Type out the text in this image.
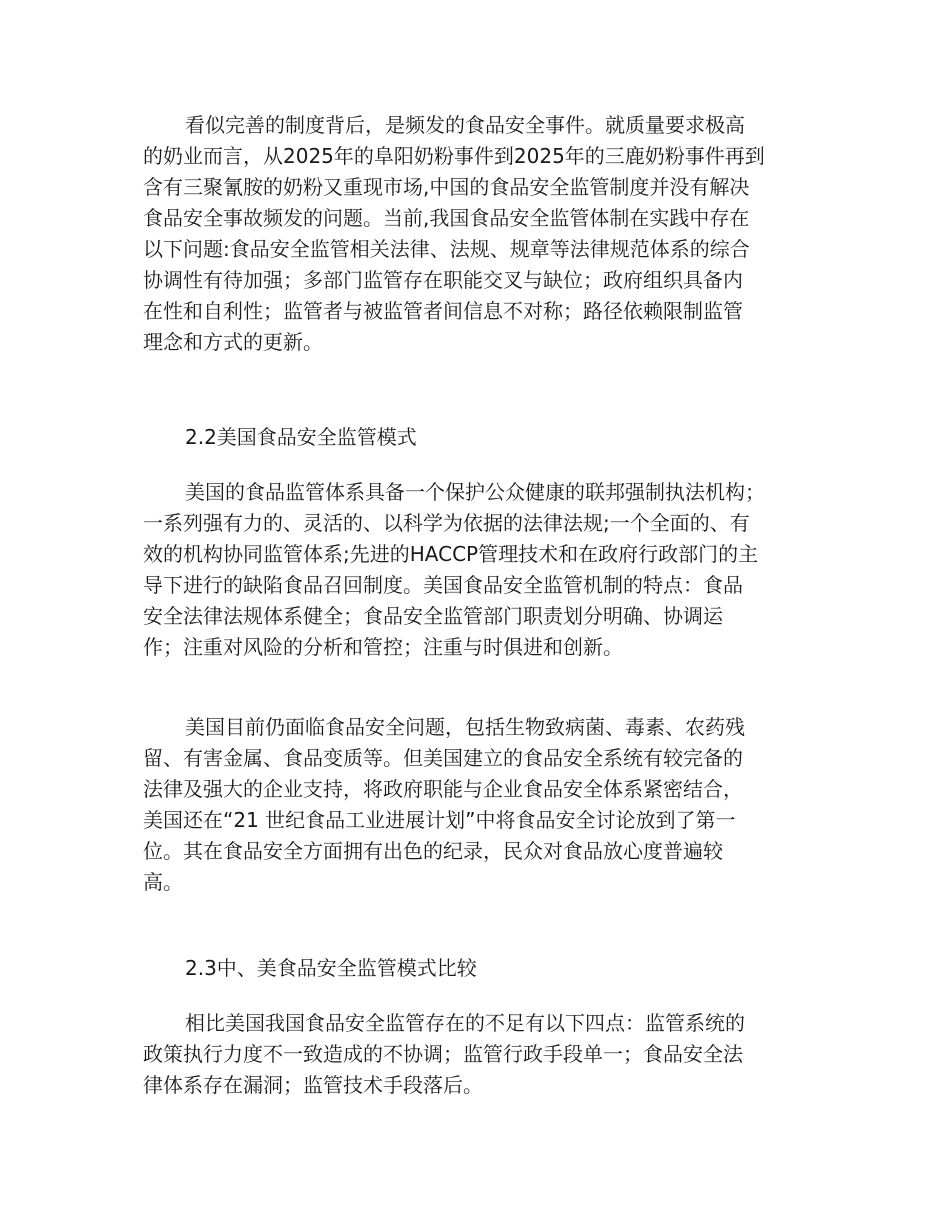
看似完善的制度背后，是频发的食品安全事件。就质量要求极高
的奶业而言，从2025年的阜阳奶粉事件到2025年的三鹿奶粉事件再到
含有三聚氰胺的奶粉又重现市场,中国的食品安全监管制度并没有解决
食品安全事故频发的问题。当前,我国食品安全监管体制在实践中存在
以下问题:食品安全监管相关法律、法规、规章等法律规范体系的综合
协调性有待加强；多部门监管存在职能交叉与缺位；政府组织具备内
在性和自利性；监管者与被监管者间信息不对称；路径依赖限制监管
理念和方式的更新。
2.2美国食品安全监管模式
美国的食品监管体系具备一个保护公众健康的联邦强制执法机构；
一系列强有力的、灵活的、以科学为依据的法律法规;一个全面的、有
效的机构协同监管体系;先进的HACCP管理技术和在政府行政部门的主
导下进行的缺陷食品召回制度。美国食品安全监管机制的特点：食品
安全法律法规体系健全；食品安全监管部门职责划分明确、协调运
作；注重对风险的分析和管控；注重与时俱进和创新。
美国目前仍面临食品安全问题，包括生物致病菌、毒素、农药残
留、有害金属、食品变质等。但美国建立的食品安全系统有较完备的
法律及强大的企业支持，将政府职能与企业食品安全体系紧密结合，
美国还在“21 世纪食品工业进展计划”中将食品安全讨论放到了第一
位。其在食品安全方面拥有出色的纪录，民众对食品放心度普遍较
高。
2.3中、美食品安全监管模式比较
相比美国我国食品安全监管存在的不足有以下四点：监管系统的
政策执行力度不一致造成的不协调；监管行政手段单一；食品安全法
律体系存在漏洞；监管技术手段落后。
